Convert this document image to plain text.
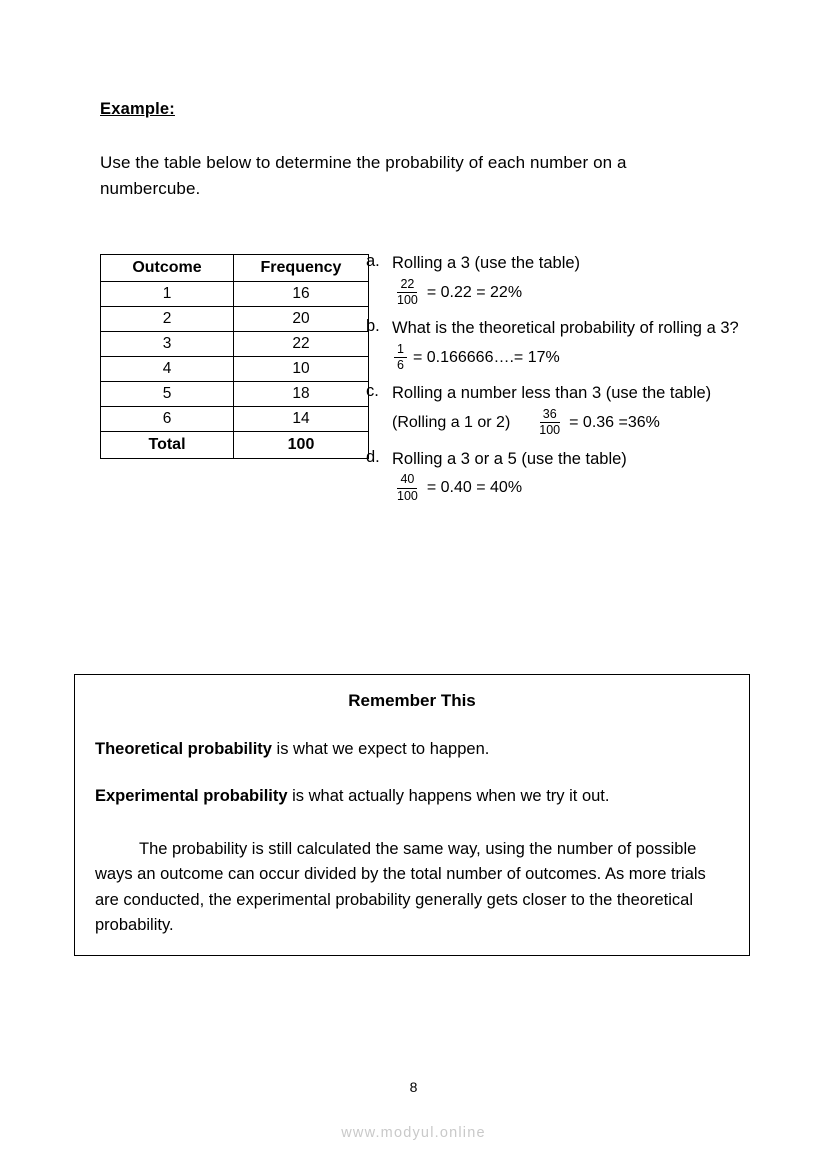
Example:
Use the table below to determine the probability of each number on a numbercube.
Outcome	Frequency
1	16
2	20
3	22
4	10
5	18
6	14
Total	100
a. Rolling a 3 (use the table)
$\frac{22}{100} = 0.22 = 22\%$
b. What is the theoretical probability of rolling a 3?
$\frac{1}{6}$ = 0.166666….= 17%
c. Rolling a number less than 3 (use the table)
(Rolling a 1 or $2) \frac{36}{100} = 0.36 =36\%$
d. Rolling a 3 or a 5 (use the table)
$\frac{40}{100} = 0.40 = 40\%$
Remember This
Theoretical probability is what we expect to happen.
Experimental probability is what actually happens when we try it out.
The probability is still calculated the same way, using the number of possible ways an outcome can occur divided by the total number of outcomes. As more trials are conducted, the experimental probability generally gets closer to the theoretical probability.
8
www.modyul.online
